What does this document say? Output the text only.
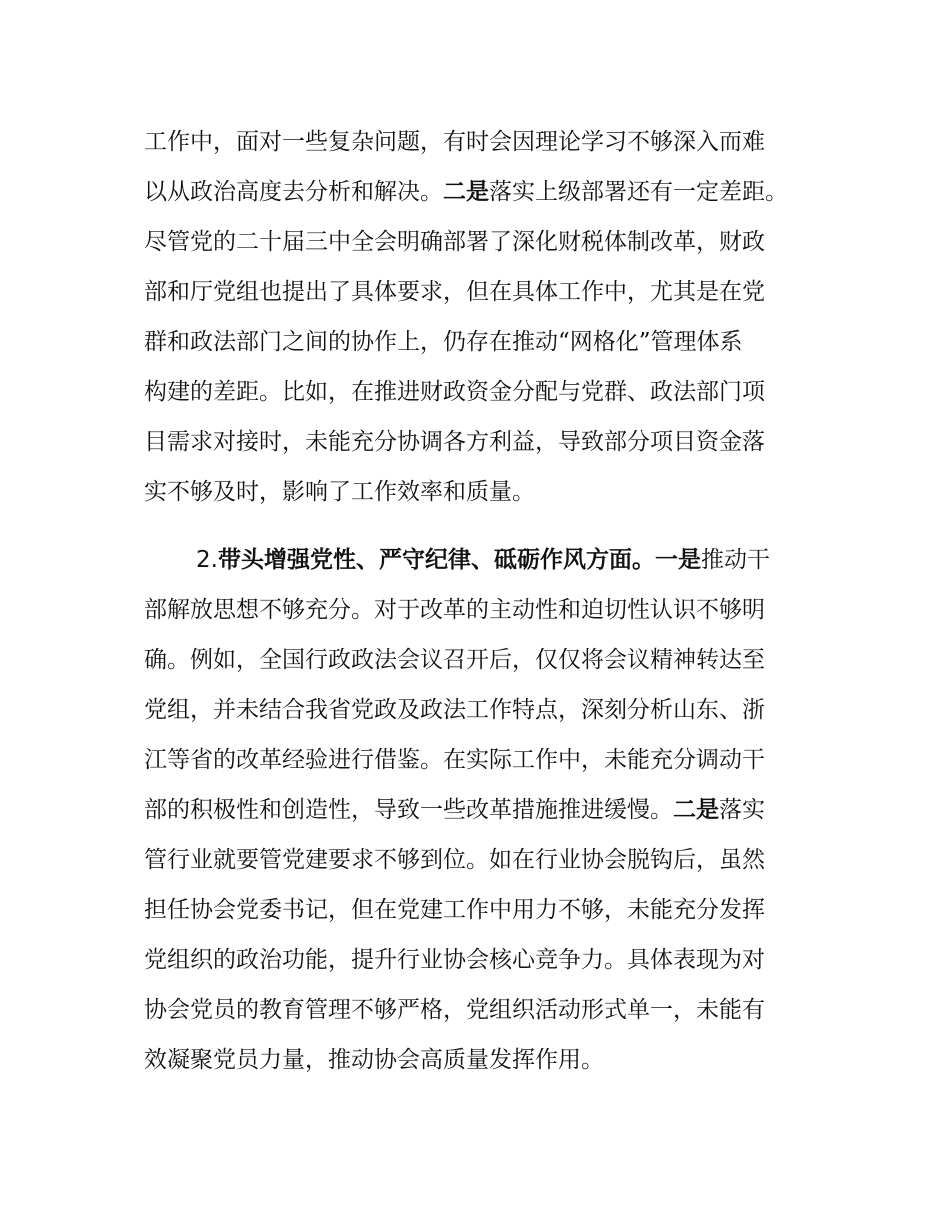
工作中，面对一些复杂问题，有时会因理论学习不够深入而难
以从政治高度去分析和解决。二是落实上级部署还有一定差距。
尽管党的二十届三中全会明确部署了深化财税体制改革，财政
部和厅党组也提出了具体要求，但在具体工作中，尤其是在党
群和政法部门之间的协作上，仍存在推动“网格化”管理体系
构建的差距。比如，在推进财政资金分配与党群、政法部门项
目需求对接时，未能充分协调各方利益，导致部分项目资金落
实不够及时，影响了工作效率和质量。
2.带头增强党性、严守纪律、砥砺作风方面。一是推动干
部解放思想不够充分。对于改革的主动性和迫切性认识不够明
确。例如，全国行政政法会议召开后，仅仅将会议精神转达至
党组，并未结合我省党政及政法工作特点，深刻分析山东、浙
江等省的改革经验进行借鉴。在实际工作中，未能充分调动干
部的积极性和创造性，导致一些改革措施推进缓慢。二是落实
管行业就要管党建要求不够到位。如在行业协会脱钩后，虽然
担任协会党委书记，但在党建工作中用力不够，未能充分发挥
党组织的政治功能，提升行业协会核心竞争力。具体表现为对
协会党员的教育管理不够严格，党组织活动形式单一，未能有
效凝聚党员力量，推动协会高质量发挥作用。
